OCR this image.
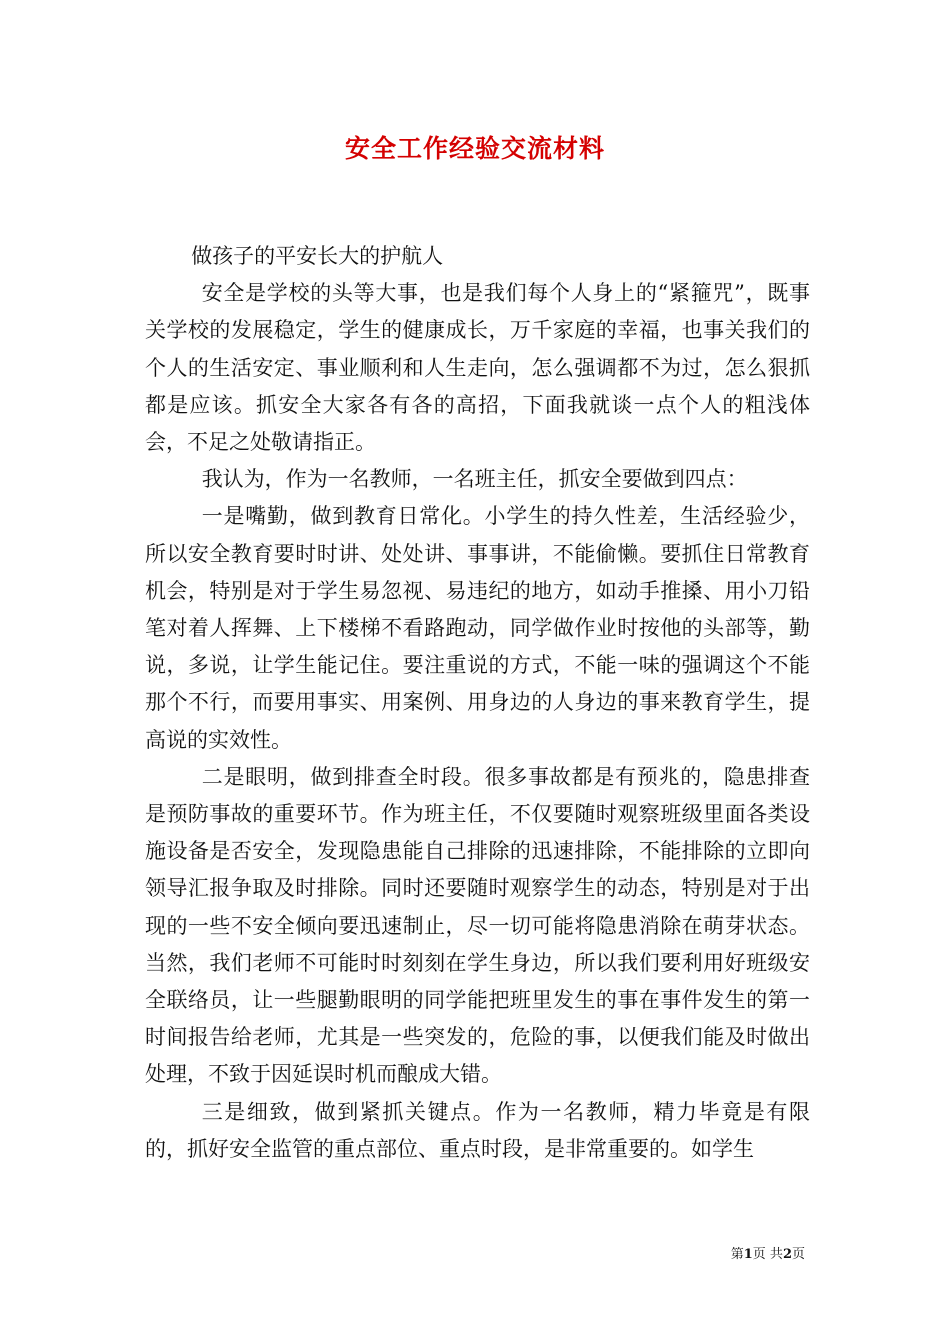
安全工作经验交流材料

做孩子的平安长大的护航人

安全是学校的头等大事，也是我们每个人身上的“紧箍咒”，既事关学校的发展稳定，学生的健康成长，万千家庭的幸福，也事关我们的个人的生活安定、事业顺利和人生走向，怎么强调都不为过，怎么狠抓都是应该。抓安全大家各有各的高招，下面我就谈一点个人的粗浅体会，不足之处敬请指正。

我认为，作为一名教师，一名班主任，抓安全要做到四点：

一是嘴勤，做到教育日常化。小学生的持久性差，生活经验少，所以安全教育要时时讲、处处讲、事事讲，不能偷懒。要抓住日常教育机会，特别是对于学生易忽视、易违纪的地方，如动手推搡、用小刀铅笔对着人挥舞、上下楼梯不看路跑动，同学做作业时按他的头部等，勤说，多说，让学生能记住。要注重说的方式，不能一味的强调这个不能那个不行，而要用事实、用案例、用身边的人身边的事来教育学生，提高说的实效性。

二是眼明，做到排查全时段。很多事故都是有预兆的，隐患排查是预防事故的重要环节。作为班主任，不仅要随时观察班级里面各类设施设备是否安全，发现隐患能自己排除的迅速排除，不能排除的立即向领导汇报争取及时排除。同时还要随时观察学生的动态，特别是对于出现的一些不安全倾向要迅速制止，尽一切可能将隐患消除在萌芽状态。当然，我们老师不可能时时刻刻在学生身边，所以我们要利用好班级安全联络员，让一些腿勤眼明的同学能把班里发生的事在事件发生的第一时间报告给老师，尤其是一些突发的，危险的事，以便我们能及时做出处理，不致于因延误时机而酿成大错。

三是细致，做到紧抓关键点。作为一名教师，精力毕竟是有限的，抓好安全监管的重点部位、重点时段，是非常重要的。如学生

第1页 共2页
